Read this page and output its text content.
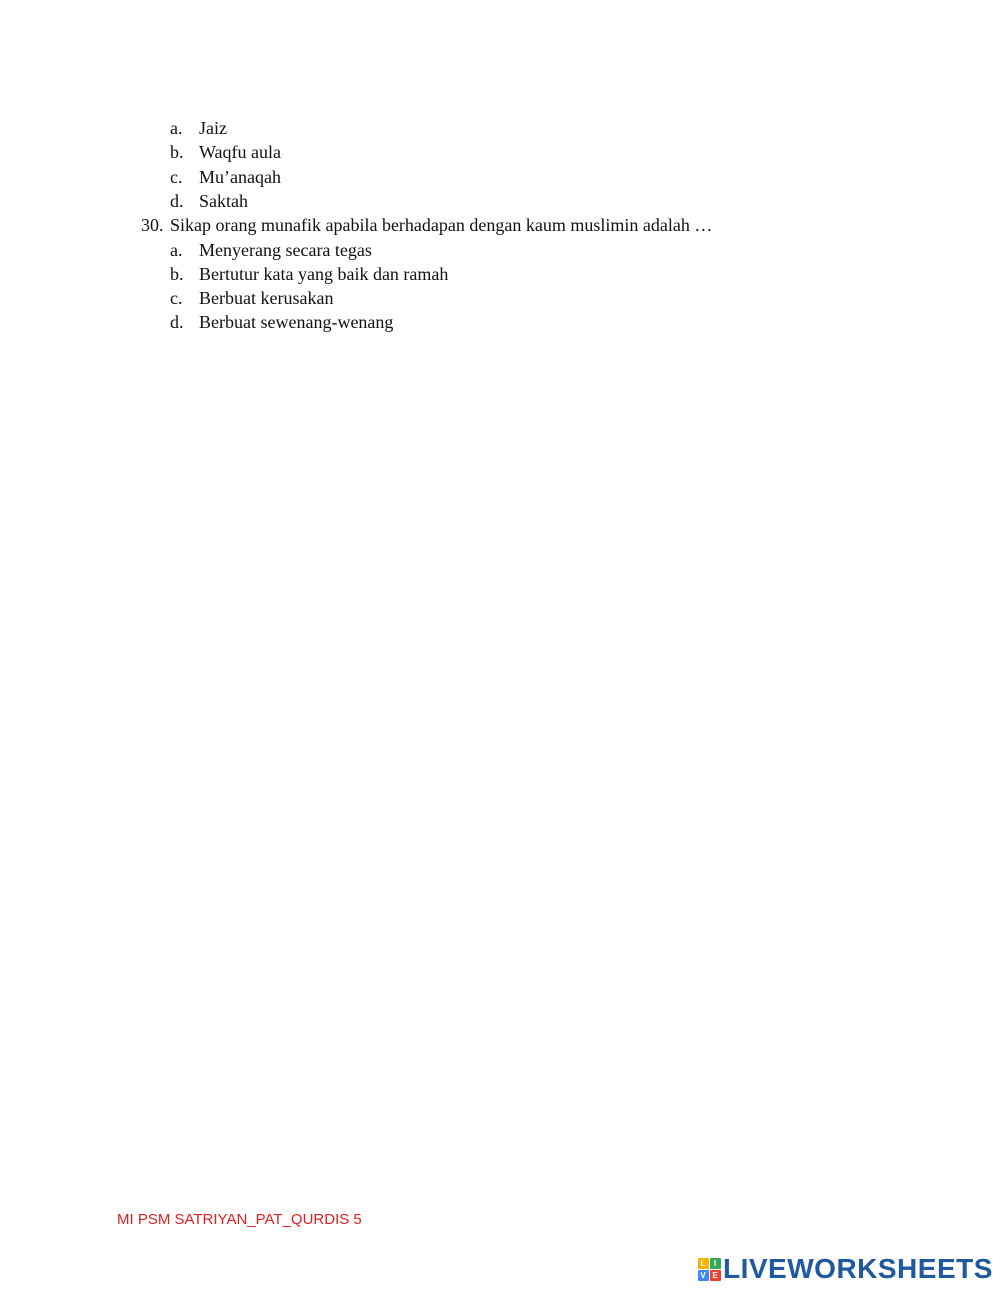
a. Jaiz
b. Waqfu aula
c. Mu’anaqah
d. Saktah
30. Sikap orang munafik apabila berhadapan dengan kaum muslimin adalah …
a. Menyerang secara tegas
b. Bertutur kata yang baik dan ramah
c. Berbuat kerusakan
d. Berbuat sewenang-wenang
MI PSM SATRIYAN_PAT_QURDIS 5
L	I
V E LIVEWORKSHEETS
